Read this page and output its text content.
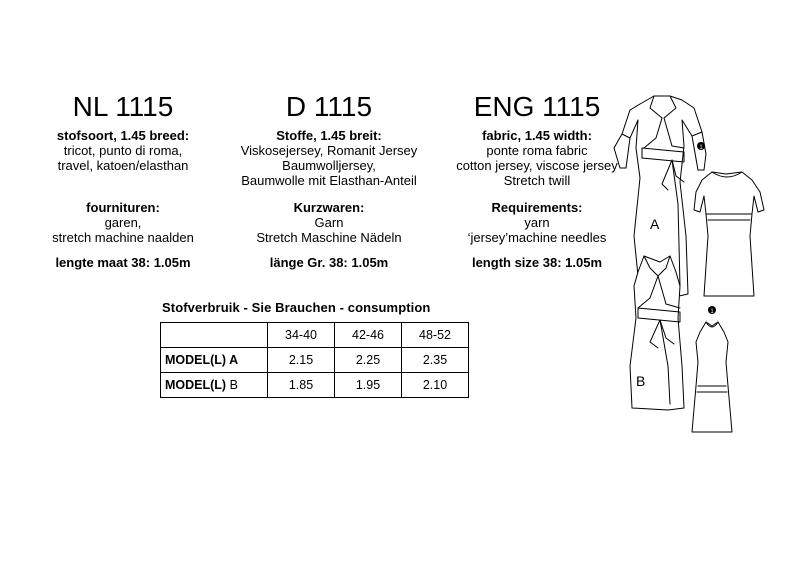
NL 1115
stofsoort, 1.45 breed:
tricot, punto di roma,
travel, katoen/elasthan
fournituren:
garen,
stretch machine naalden
lengte maat 38: 1.05m
D 1115
Stoffe, 1.45 breit:
Viskosejersey, Romanit Jersey
Baumwolljersey,
Baumwolle mit Elasthan-Anteil
Kurzwaren:
Garn
Stretch Maschine Nädeln
länge Gr. 38: 1.05m
ENG 1115
fabric, 1.45 width:
ponte roma fabric
cotton jersey, viscose jersey
Stretch twill
Requirements:
yarn
‘jersey’machine needles
length size 38: 1.05m
Stofverbruik - Sie Brauchen - consumption
	34-40	42-46	48-52
MODEL(L) A	2.15	2.25	2.35
MODEL(L) B	1.85	1.95	2.10
1
A
1
B
